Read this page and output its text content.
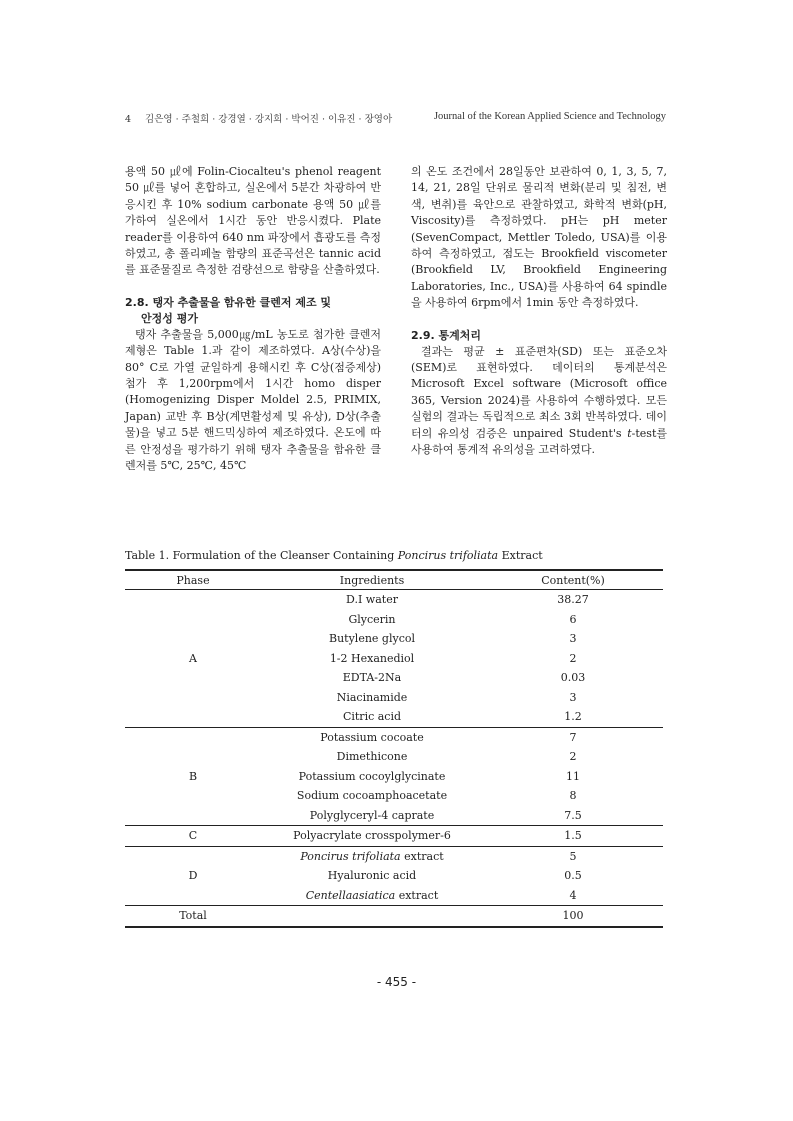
4 김은영 · 주철희 · 강경열 · 강지희 · 박어진 · 이유진 · 장영아	Journal of the Korean Applied Science and Technology

용액 50 ㎕에 Folin-Ciocalteu's phenol reagent 50 ㎕를 넣어 혼합하고, 실온에서 5분간 차광하여 반응시킨 후 10% sodium carbonate 용액 50 ㎕를 가하여 실온에서 1시간 동안 반응시켰다. Plate reader를 이용하여 640 nm 파장에서 흡광도를 측정하였고, 총 폴리페놀 함량의 표준곡선은 tannic acid를 표준물질로 측정한 검량선으로 함량을 산출하였다.

2.8. 탱자 추출물을 함유한 클렌저 제조 및
안정성 평가

탱자 추출물을 5,000㎍/mL 농도로 첨가한 클렌저 제형은 Table 1.과 같이 제조하였다. A상(수상)을 80° C로 가열 균일하게 용해시킨 후 C상(점증제상) 첨가 후 1,200rpm에서 1시간 homo disper (Homogenizing Disper Moldel 2.5, PRIMIX, Japan) 교반 후 B상(계면활성제 및 유상), D상(추출물)을 넣고 5분 핸드믹싱하여 제조하였다. 온도에 따른 안정성을 평가하기 위해 탱자 추출물을 함유한 클렌저를 5℃, 25℃, 45℃

의 온도 조건에서 28일동안 보관하여 0, 1, 3, 5, 7, 14, 21, 28일 단위로 물리적 변화(분리 및 침전, 변색, 변취)를 육안으로 관찰하였고, 화학적 변화(pH, Viscosity)를 측정하였다. pH는 pH meter (SevenCompact, Mettler Toledo, USA)를 이용하여 측정하였고, 점도는 Brookfield viscometer (Brookfield LV, Brookfield Engineering Laboratories, Inc., USA)를 사용하여 64 spindle을 사용하여 6rpm에서 1min 동안 측정하였다.

2.9. 통계처리

결과는 평균 ± 표준편차(SD) 또는 표준오차(SEM)로 표현하였다. 데이터의 통계분석은 Microsoft Excel software (Microsoft office 365, Version 2024)를 사용하여 수행하였다. 모든 실험의 결과는 독립적으로 최소 3회 반복하였다. 데이터의 유의성 검증은 unpaired Student's t-test를 사용하여 통계적 유의성을 고려하였다.

Table 1. Formulation of the Cleanser Containing Poncirus trifoliata Extract
Phase	Ingredients	Content(%)
A	D.I water	38.27
	Glycerin	6
	Butylene glycol	3
	1-2 Hexanediol	2
	EDTA-2Na	0.03
	Niacinamide	3
	Citric acid	1.2
B	Potassium cocoate	7
	Dimethicone	2
	Potassium cocoylglycinate	11
	Sodium cocoamphoacetate	8
	Polyglyceryl-4 caprate	7.5
C	Polyacrylate crosspolymer-6	1.5
D	Poncirus trifoliata extract	5
	Hyaluronic acid	0.5
	Centellaasiatica extract	4
Total		100
- 455 -
